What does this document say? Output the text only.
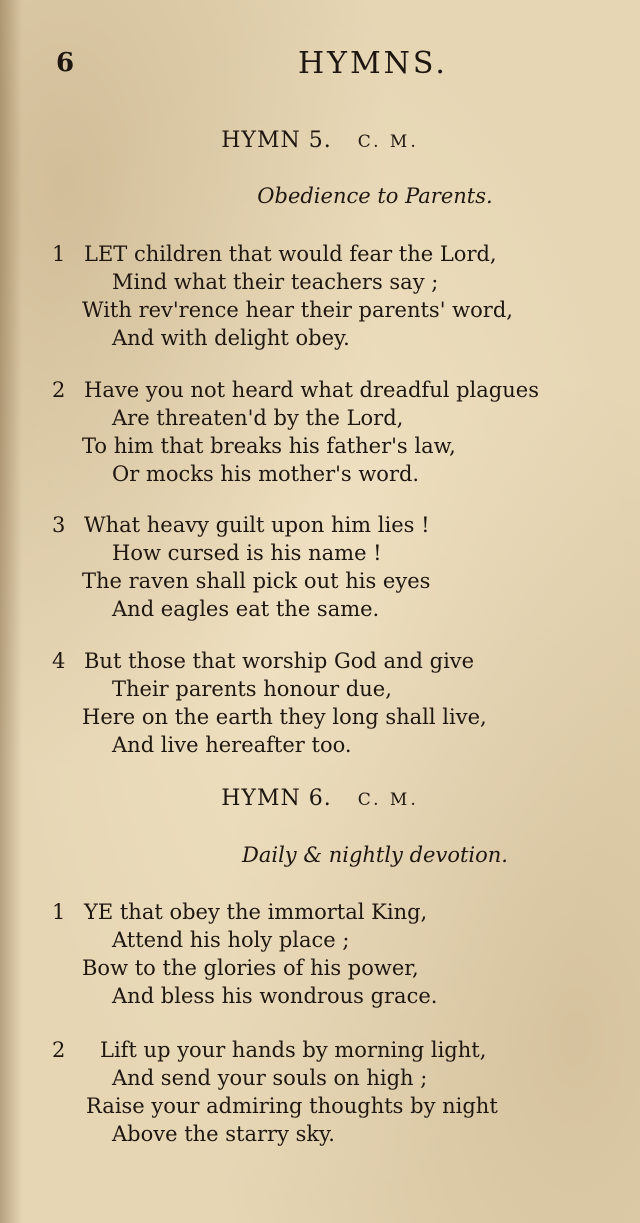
6	HYMNS.
HYMN 5. C. M.
Obedience to Parents.
1 LET children that would fear the Lord,
Mind what their teachers say ;
With rev'rence hear their parents' word,
And with delight obey.
2 Have you not heard what dreadful plagues
Are threaten'd by the Lord,
To him that breaks his father's law,
Or mocks his mother's word.
3 What heavy guilt upon him lies !
How cursed is his name !
The raven shall pick out his eyes
And eagles eat the same.
4 But those that worship God and give
Their parents honour due,
Here on the earth they long shall live,
And live hereafter too.
HYMN 6. C. M.
Daily & nightly devotion.
1 YE that obey the immortal King,
Attend his holy place ;
Bow to the glories of his power,
And bless his wondrous grace.
2 Lift up your hands by morning light,
And send your souls on high ;
Raise your admiring thoughts by night
Above the starry sky.
